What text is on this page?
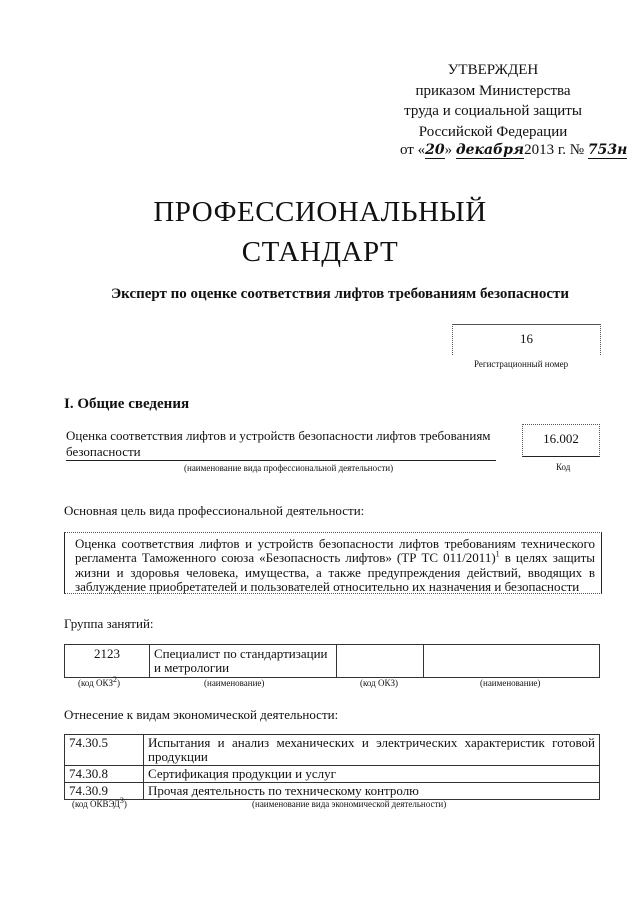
УТВЕРЖДЕН
приказом Министерства
труда и социальной защиты
Российской Федерации
от «20» декабря2013 г. № 753н
ПРОФЕССИОНАЛЬНЫЙ
СТАНДАРТ
Эксперт по оценке соответствия лифтов требованиям безопасности
16
Регистрационный номер
I. Общие сведения
Оценка соответствия лифтов и устройств безопасности лифтов требованиям безопасности
(наименование вида профессиональной деятельности)
16.002
Код
Основная цель вида профессиональной деятельности:
Оценка соответствия лифтов и устройств безопасности лифтов требованиям технического регламента Таможенного союза «Безопасность лифтов» (ТР ТС 011/2011)$^1$ в целях защиты жизни и здоровья человека, имущества, а также предупреждения действий, вводящих в заблуждение приобретателей и пользователей относительно их назначения и безопасности
Группа занятий:
2123	Специалист по стандартизации и метрологии		
(код ОКЗ$^2$)	(наименование)	(код ОКЗ)	(наименование)
Отнесение к видам экономической деятельности:
74.30.5	Испытания и анализ механических и электрических характеристик готовой продукции
74.30.8	Сертификация продукции и услуг
74.30.9	Прочая деятельность по техническому контролю
(код ОКВЭД$^3$)	(наименование вида экономической деятельности)
